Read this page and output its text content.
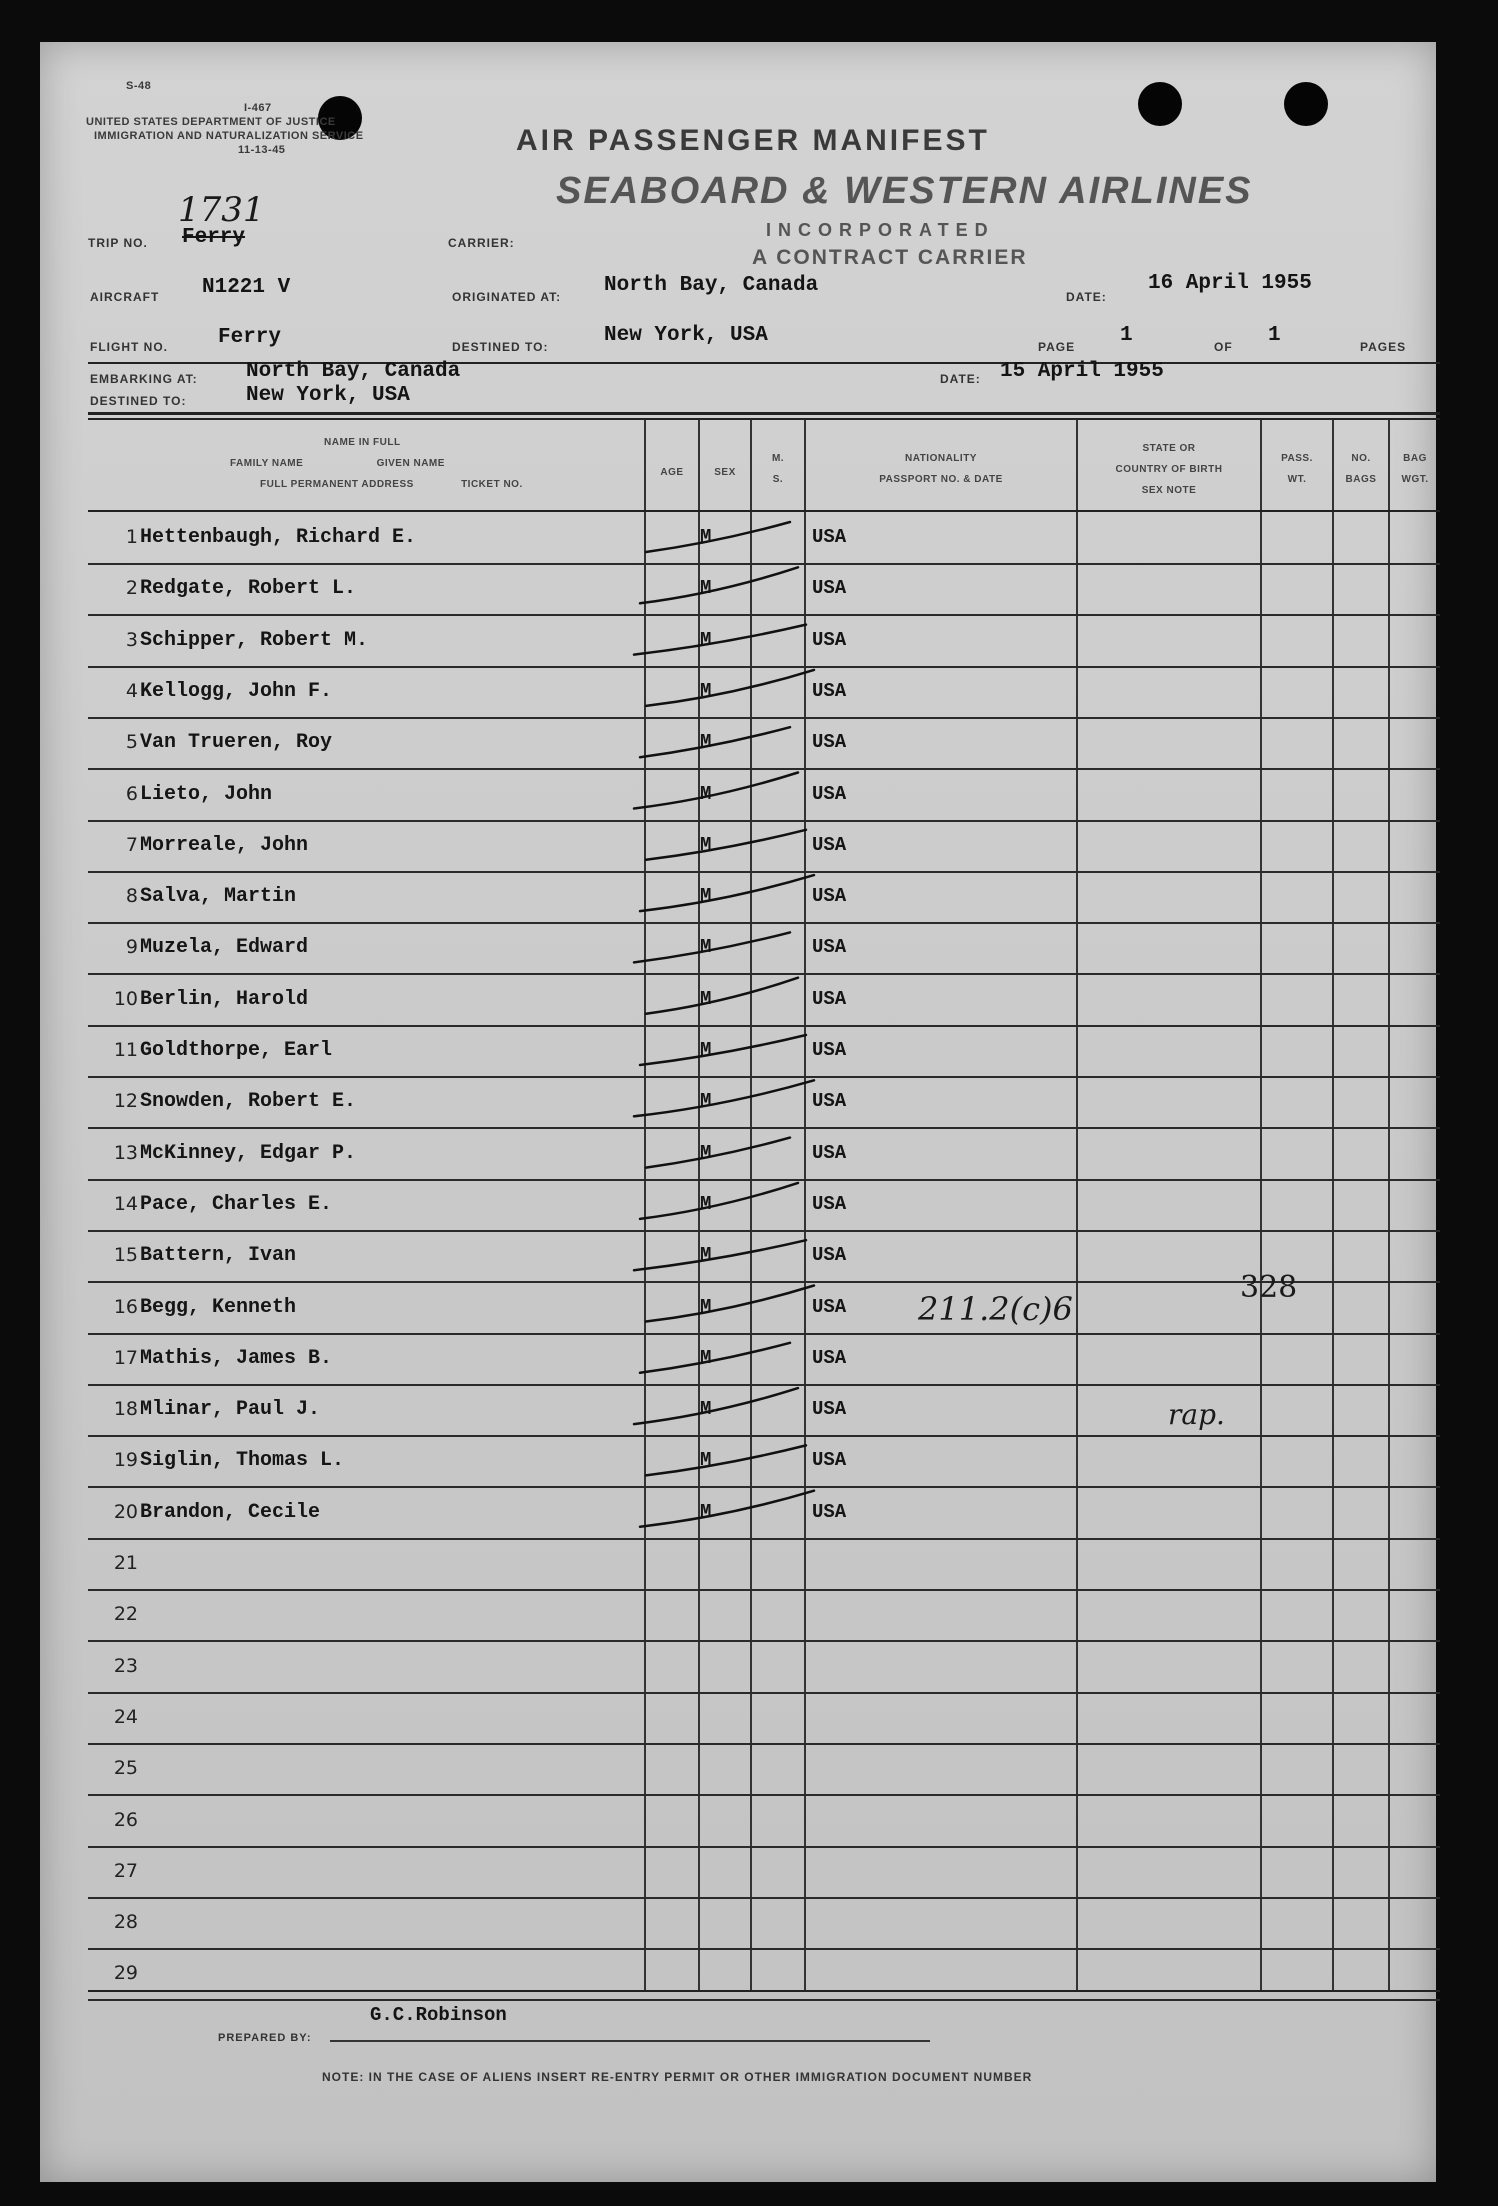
S-48
I-467
UNITED STATES DEPARTMENT OF JUSTICE
IMMIGRATION AND NATURALIZATION SERVICE
11-13-45	AIR PASSENGER MANIFEST
SEABOARD & WESTERN AIRLINES
INCORPORATED
A CONTRACT CARRIER
TRIP NO.
1731
Ferry	CARRIER:
AIRCRAFT N1221 V	ORIGINATED AT: North Bay, Canada	DATE:
16 April 1955
FLIGHT NO. Ferry	DESTINED TO:	New York, USA	PAGE 1	OF 1	PAGES
EMBARKING AT: North Bay, Canada
DESTINED TO:	New York, USA
DATE: 15 April 1955
NAME IN FULL
FAMILY NAME	GIVEN NAME
FULL PERMANENT ADDRESS	TICKET NO.
AGE	SEX
M.
S.
NATIONALITY
PASSPORT NO. & DATE
STATE OR
COUNTRY OF BIRTH
SEX NOTE
PASS.
WT.
NO.
BAGS
BAG
WGT.
1 Hettenbaugh, Richard E.	M	USA
2 Redgate, Robert L.	M	USA
3 Schipper, Robert M.	M	USA
4 Kellogg, John F.	M	USA
5 Van Trueren, Roy	M	USA
6 Lieto, John	M	USA
7 Morreale, John	M	USA
8 Salva, Martin	M	USA
9 Muzela, Edward	M	USA
10 Berlin, Harold	M	USA
11 Goldthorpe, Earl	M	USA
12 Snowden, Robert E.	M	USA
13 McKinney, Edgar P.	M	USA
14 Pace, Charles E.	M	USA
15 Battern, Ivan	M	USA
16 Begg, Kenneth	M	USA
17 Mathis, James B.	M	USA
18 Mlinar, Paul J.	M	USA
19 Siglin, Thomas L.	M	USA
20 Brandon, Cecile	M	USA
21
22
23
24
25
26
27
28
29
211.2(c)6
328
rap.
G.C.Robinson
PREPARED BY:
NOTE: IN THE CASE OF ALIENS INSERT RE-ENTRY PERMIT OR OTHER IMMIGRATION DOCUMENT NUMBER
